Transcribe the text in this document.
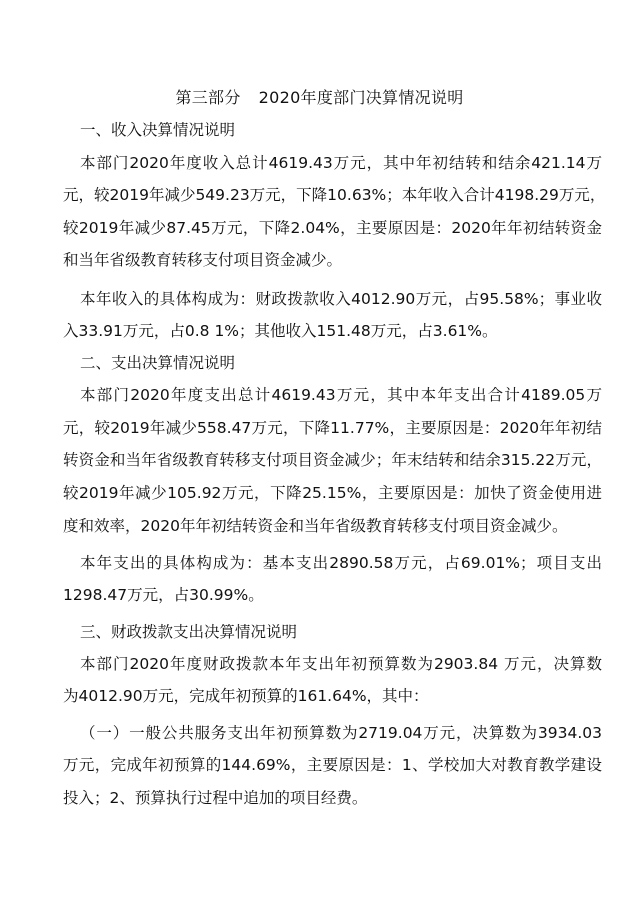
第三部分 2020年度部门决算情况说明
一、收入决算情况说明
本部门2020年度收入总计4619.43万元，其中年初结转和结余421.14万
元，较2019年减少549.23万元，下降10.63%；本年收入合计4198.29万元，
较2019年减少87.45万元，下降2.04%，主要原因是：2020年年初结转资金
和当年省级教育转移支付项目资金减少。
本年收入的具体构成为：财政拨款收入4012.90万元，占95.58%；事业收
入33.91万元，占0.8 1%；其他收入151.48万元，占3.61%。
二、支出决算情况说明
本部门2020年度支出总计4619.43万元，其中本年支出合计4189.05万
元，较2019年减少558.47万元，下降11.77%，主要原因是：2020年年初结
转资金和当年省级教育转移支付项目资金减少；年末结转和结余315.22万元，
较2019年减少105.92万元，下降25.15%，主要原因是：加快了资金使用进
度和效率，2020年年初结转资金和当年省级教育转移支付项目资金减少。
本年支出的具体构成为：基本支出2890.58万元，占69.01%；项目支出
1298.47万元，占30.99%。
三、财政拨款支出决算情况说明
本部门2020年度财政拨款本年支出年初预算数为2903.84 万元，决算数
为4012.90万元，完成年初预算的161.64%，其中：
（一）一般公共服务支出年初预算数为2719.04万元，决算数为3934.03
万元，完成年初预算的144.69%，主要原因是：1、学校加大对教育教学建设
投入；2、预算执行过程中追加的项目经费。
